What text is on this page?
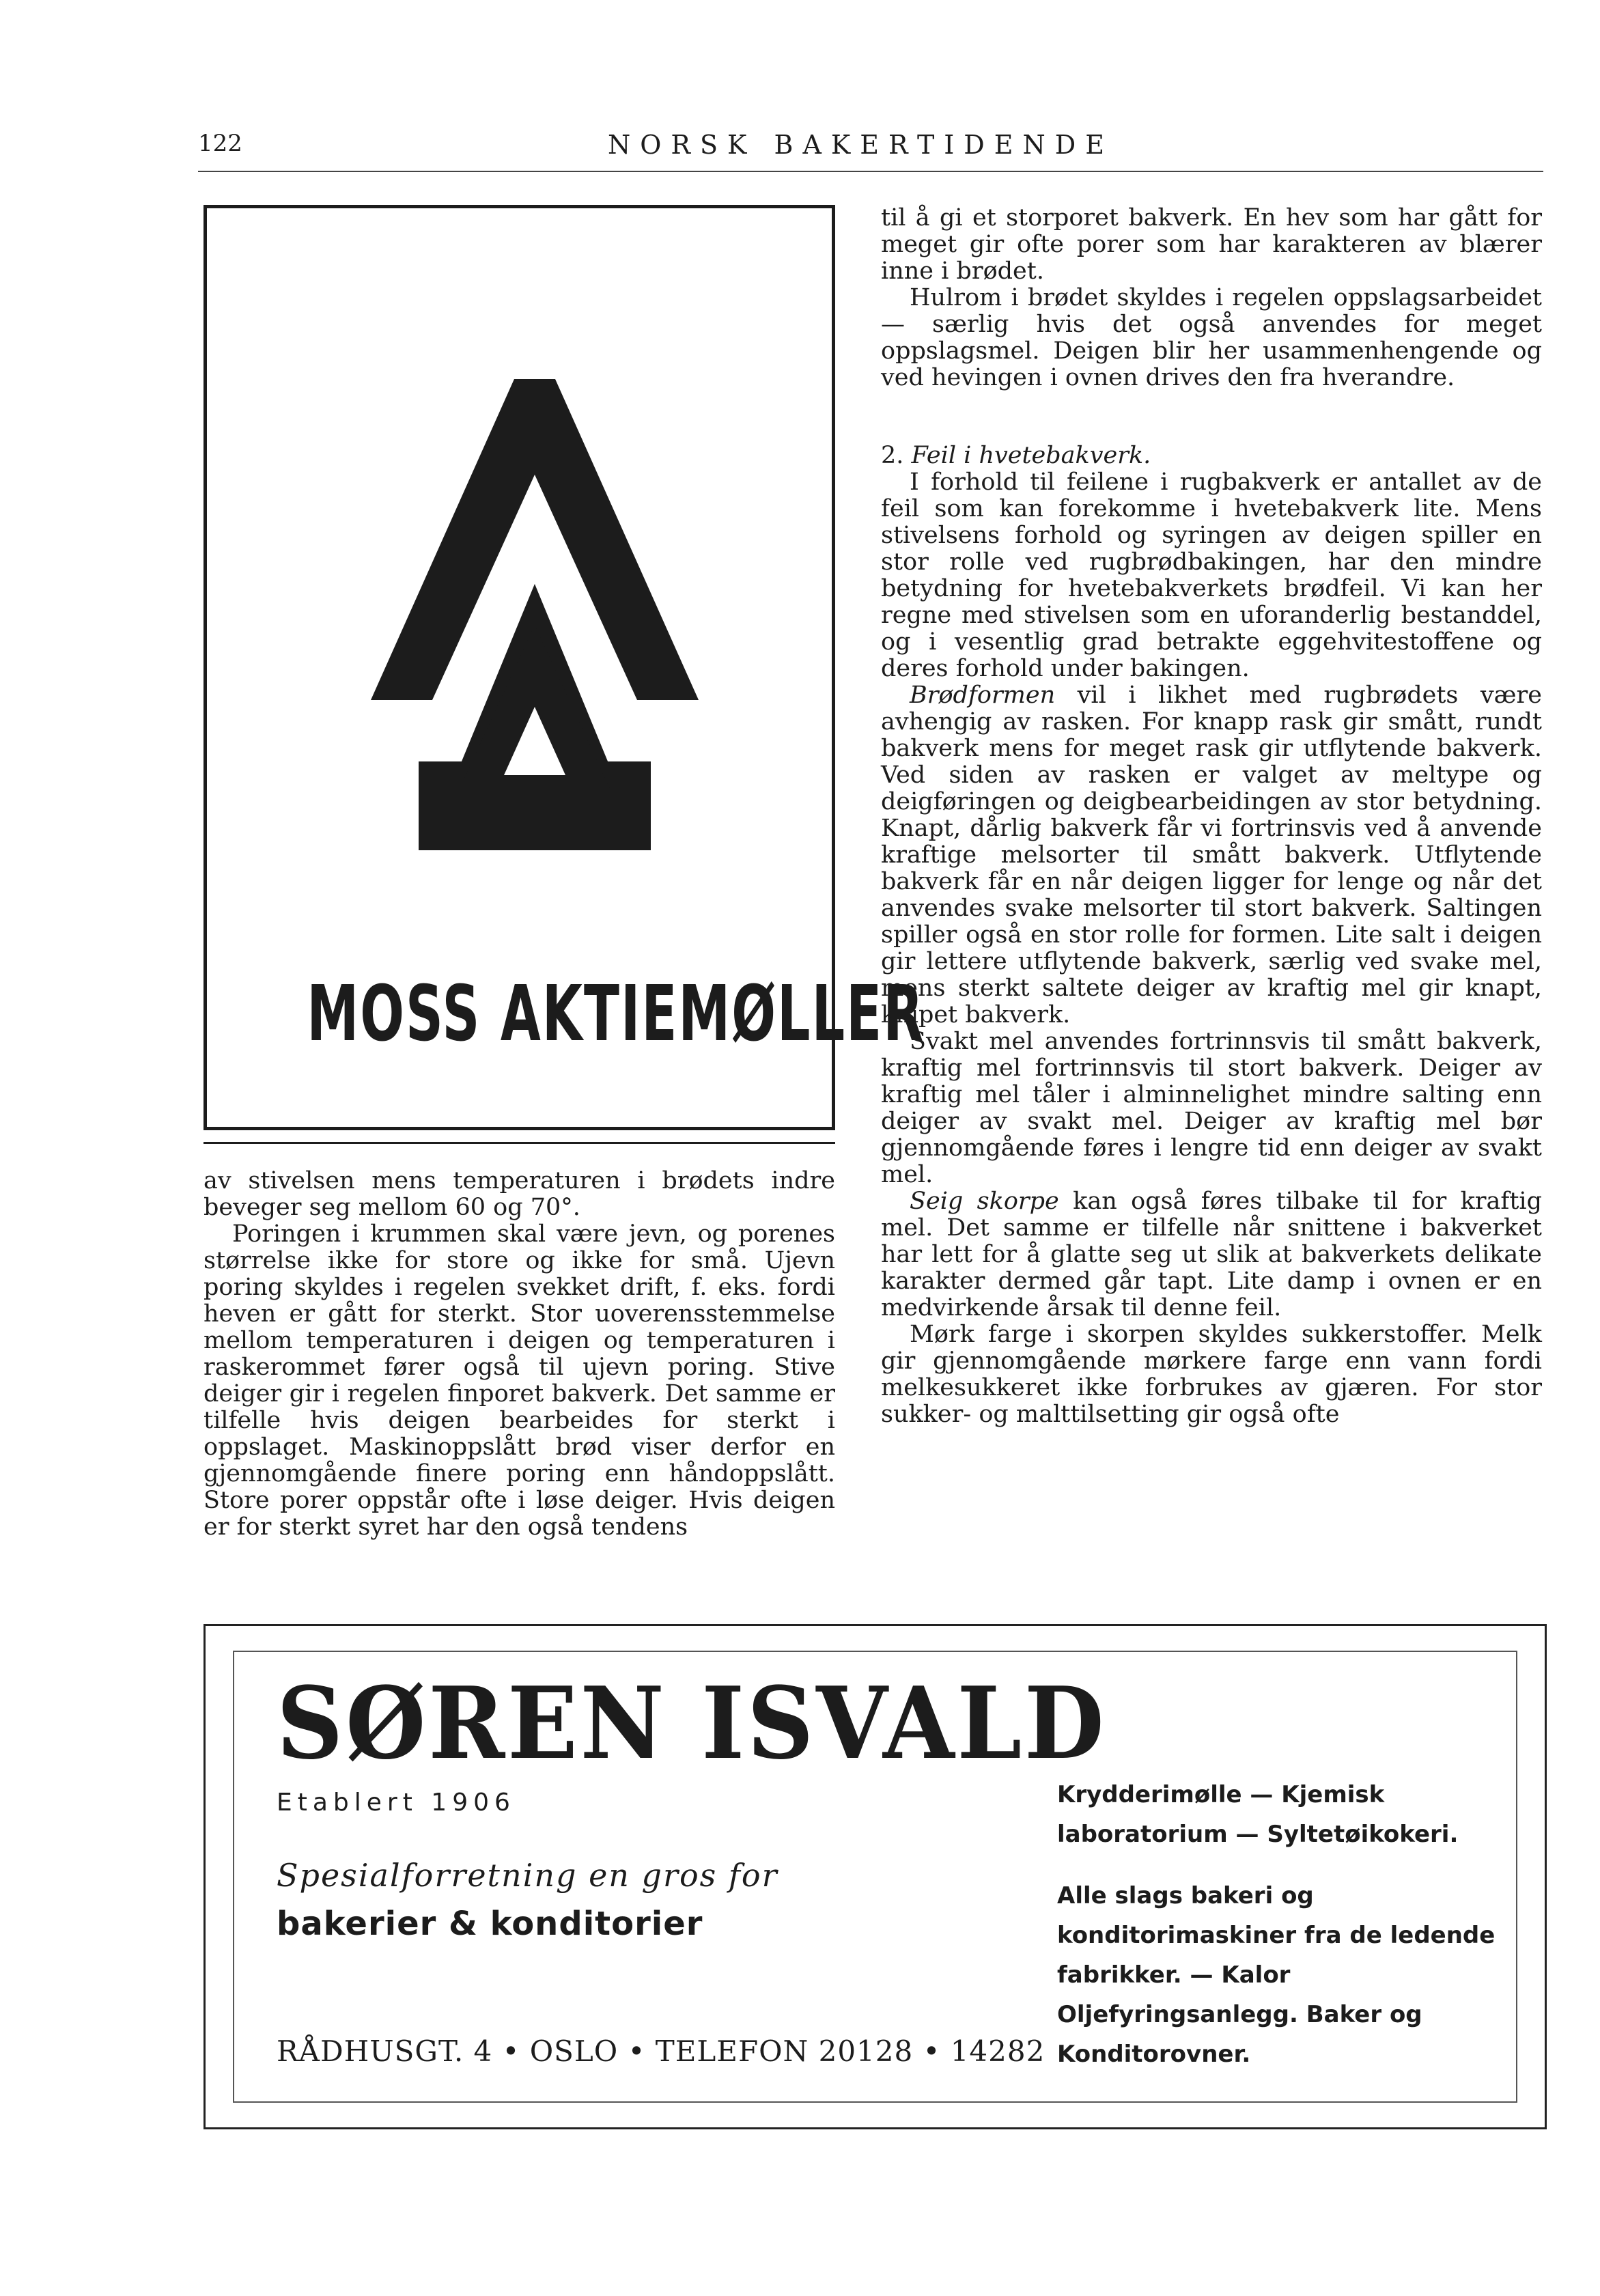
122	NORSK BAKERTIDENDE
MOSS AKTIEMØLLER

til å gi et storporet bakverk. En hev som har gått for meget gir ofte porer som har karakteren av blærer inne i brødet.

Hulrom i brødet skyldes i regelen oppslagsarbeidet — særlig hvis det også anvendes for meget oppslagsmel. Deigen blir her usammenhengende og ved hevingen i ovnen drives den fra hverandre.

2. Feil i hvetebakverk.

I forhold til feilene i rugbakverk er antallet av de feil som kan forekomme i hvetebakverk lite. Mens stivelsens forhold og syringen av deigen spiller en stor rolle ved rugbrødbakingen, har den mindre betydning for hvetebakverkets brødfeil. Vi kan her regne med stivelsen som en uforanderlig bestanddel, og i vesentlig grad betrakte eggehvitestoffene og deres forhold under bakingen.

Brødformen vil i likhet med rugbrødets være avhengig av rasken. For knapp rask gir smått, rundt bakverk mens for meget rask gir utflytende bakverk. Ved siden av rasken er valget av meltype og deigføringen og deigbearbeidingen av stor betydning. Knapt, dårlig bakverk får vi fortrinsvis ved å anvende kraftige melsorter til smått bakverk. Utflytende bakverk får en når deigen ligger for lenge og når det anvendes svake melsorter til stort bakverk. Saltingen spiller også en stor rolle for formen. Lite salt i deigen gir lettere utflytende bakverk, særlig ved svake mel, mens sterkt saltete deiger av kraftig mel gir knapt, knipet bakverk.

Svakt mel anvendes fortrinnsvis til smått bakverk, kraftig mel fortrinnsvis til stort bakverk. Deiger av kraftig mel tåler i alminnelighet mindre salting enn deiger av svakt mel. Deiger av kraftig mel bør gjennomgående føres i lengre tid enn deiger av svakt mel.

Seig skorpe kan også føres tilbake til for kraftig mel. Det samme er tilfelle når snittene i bakverket har lett for å glatte seg ut slik at bakverkets delikate karakter dermed går tapt. Lite damp i ovnen er en medvirkende årsak til denne feil.

Mørk farge i skorpen skyldes sukkerstoffer. Melk gir gjennomgående mørkere farge enn vann fordi melkesukkeret ikke forbrukes av gjæren. For stor sukker- og malttilsetting gir også ofte

av stivelsen mens temperaturen i brødets indre beveger seg mellom 60 og 70°.

Poringen i krummen skal være jevn, og porenes størrelse ikke for store og ikke for små. Ujevn poring skyldes i regelen svekket drift, f. eks. fordi heven er gått for sterkt. Stor uoverensstemmelse mellom temperaturen i deigen og temperaturen i raskerommet fører også til ujevn poring. Stive deiger gir i regelen finporet bakverk. Det samme er tilfelle hvis deigen bearbeides for sterkt i oppslaget. Maskinoppslått brød viser derfor en gjennomgående finere poring enn håndoppslått. Store porer oppstår ofte i løse deiger. Hvis deigen er for sterkt syret har den også tendens

SØREN ISVALD
Etablert 1906
Spesialforretning en gros for
bakerier & konditorier
RÅDHUSGT. 4 • OSLO • TELEFON 20128 • 14282

Krydderimølle — Kjemisk laboratorium — Syltetøikokeri.

Alle slags bakeri og konditorimaskiner fra de ledende fabrikker. — Kalor Oljefyringsanlegg. Baker og Konditorovner.
